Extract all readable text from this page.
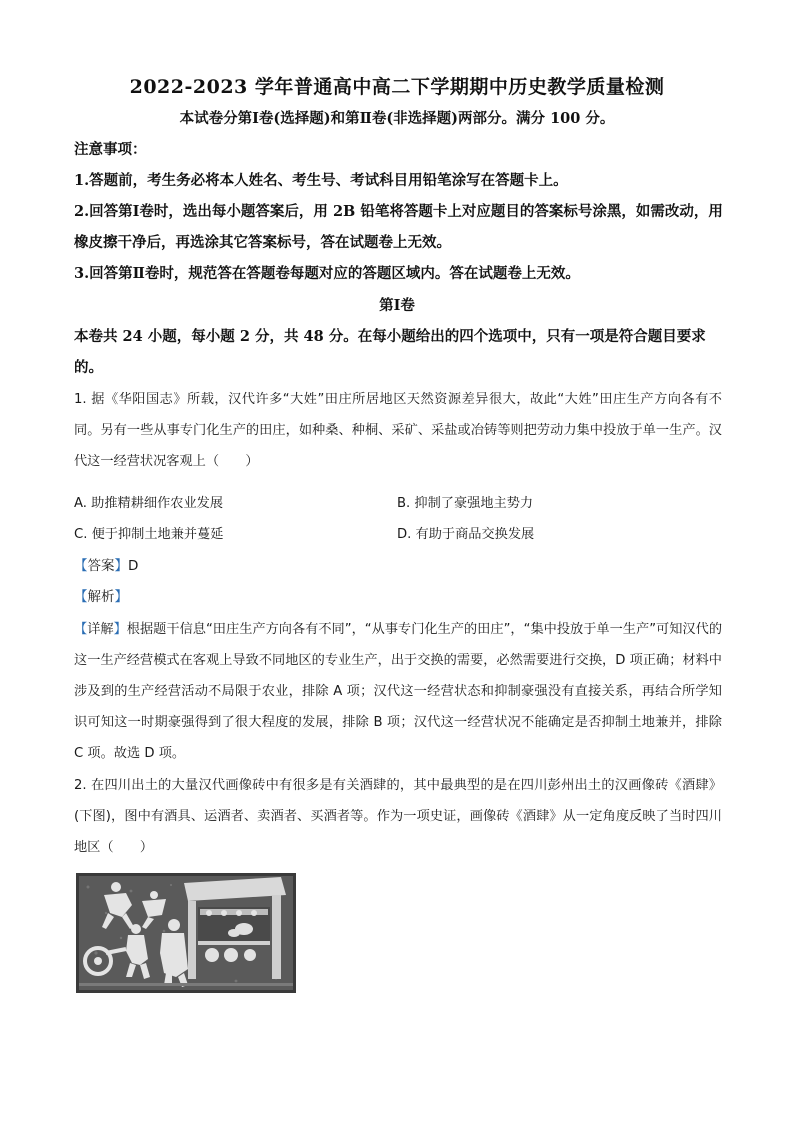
2022-2023 学年普通高中高二下学期期中历史教学质量检测
本试卷分第Ⅰ卷(选择题)和第Ⅱ卷(非选择题)两部分。满分 100 分。
注意事项：
1.答题前，考生务必将本人姓名、考生号、考试科目用铅笔涂写在答题卡上。
2.回答第Ⅰ卷时，选出每小题答案后，用 2B 铅笔将答题卡上对应题目的答案标号涂黑，如需改动，用橡皮擦干净后，再选涂其它答案标号，答在试题卷上无效。
3.回答第Ⅱ卷时，规范答在答题卷每题对应的答题区域内。答在试题卷上无效。
第Ⅰ卷
本卷共 24 小题，每小题 2 分，共 48 分。在每小题给出的四个选项中，只有一项是符合题目要求的。
1. 据《华阳国志》所载，汉代许多“大姓”田庄所居地区天然资源差异很大，故此“大姓”田庄生产方向各有不同。另有一些从事专门化生产的田庄，如种桑、种桐、采矿、采盐或冶铸等则把劳动力集中投放于单一生产。汉代这一经营状况客观上（　　）
A. 助推精耕细作农业发展	B. 抑制了豪强地主势力
C. 便于抑制土地兼并蔓延	D. 有助于商品交换发展
【答案】D
【解析】
【详解】根据题干信息“田庄生产方向各有不同”，“从事专门化生产的田庄”，“集中投放于单一生产”可知汉代的这一生产经营模式在客观上导致不同地区的专业生产，出于交换的需要，必然需要进行交换，D 项正确；材料中涉及到的生产经营活动不局限于农业，排除 A 项；汉代这一经营状态和抑制豪强没有直接关系，再结合所学知识可知这一时期豪强得到了很大程度的发展，排除 B 项；汉代这一经营状况不能确定是否抑制土地兼并，排除 C 项。故选 D 项。
2. 在四川出土的大量汉代画像砖中有很多是有关酒肆的，其中最典型的是在四川彭州出土的汉画像砖《酒肆》(下图)，图中有酒具、运酒者、卖酒者、买酒者等。作为一项史证，画像砖《酒肆》从一定角度反映了当时四川地区（　　）
